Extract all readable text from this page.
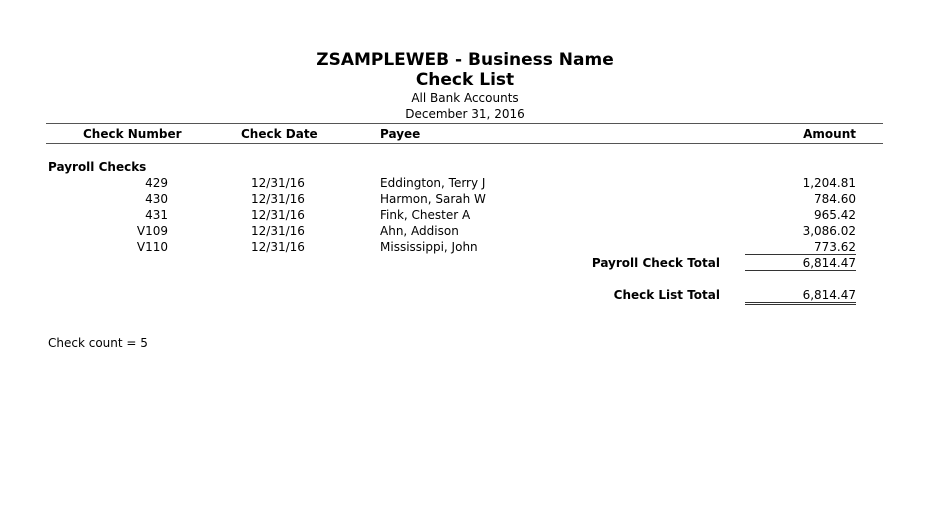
ZSAMPLEWEB - Business Name
Check List
All Bank Accounts
December 31, 2016
Check Number	Check Date	Payee	Amount
Payroll Checks
429	12/31/16	Eddington, Terry J	1,204.81
430	12/31/16	Harmon, Sarah W	784.60
431	12/31/16	Fink, Chester A	965.42
V109	12/31/16	Ahn, Addison	3,086.02
V110	12/31/16	Mississippi, John	773.62
Payroll Check Total	6,814.47
Check List Total	6,814.47
Check count = 5
